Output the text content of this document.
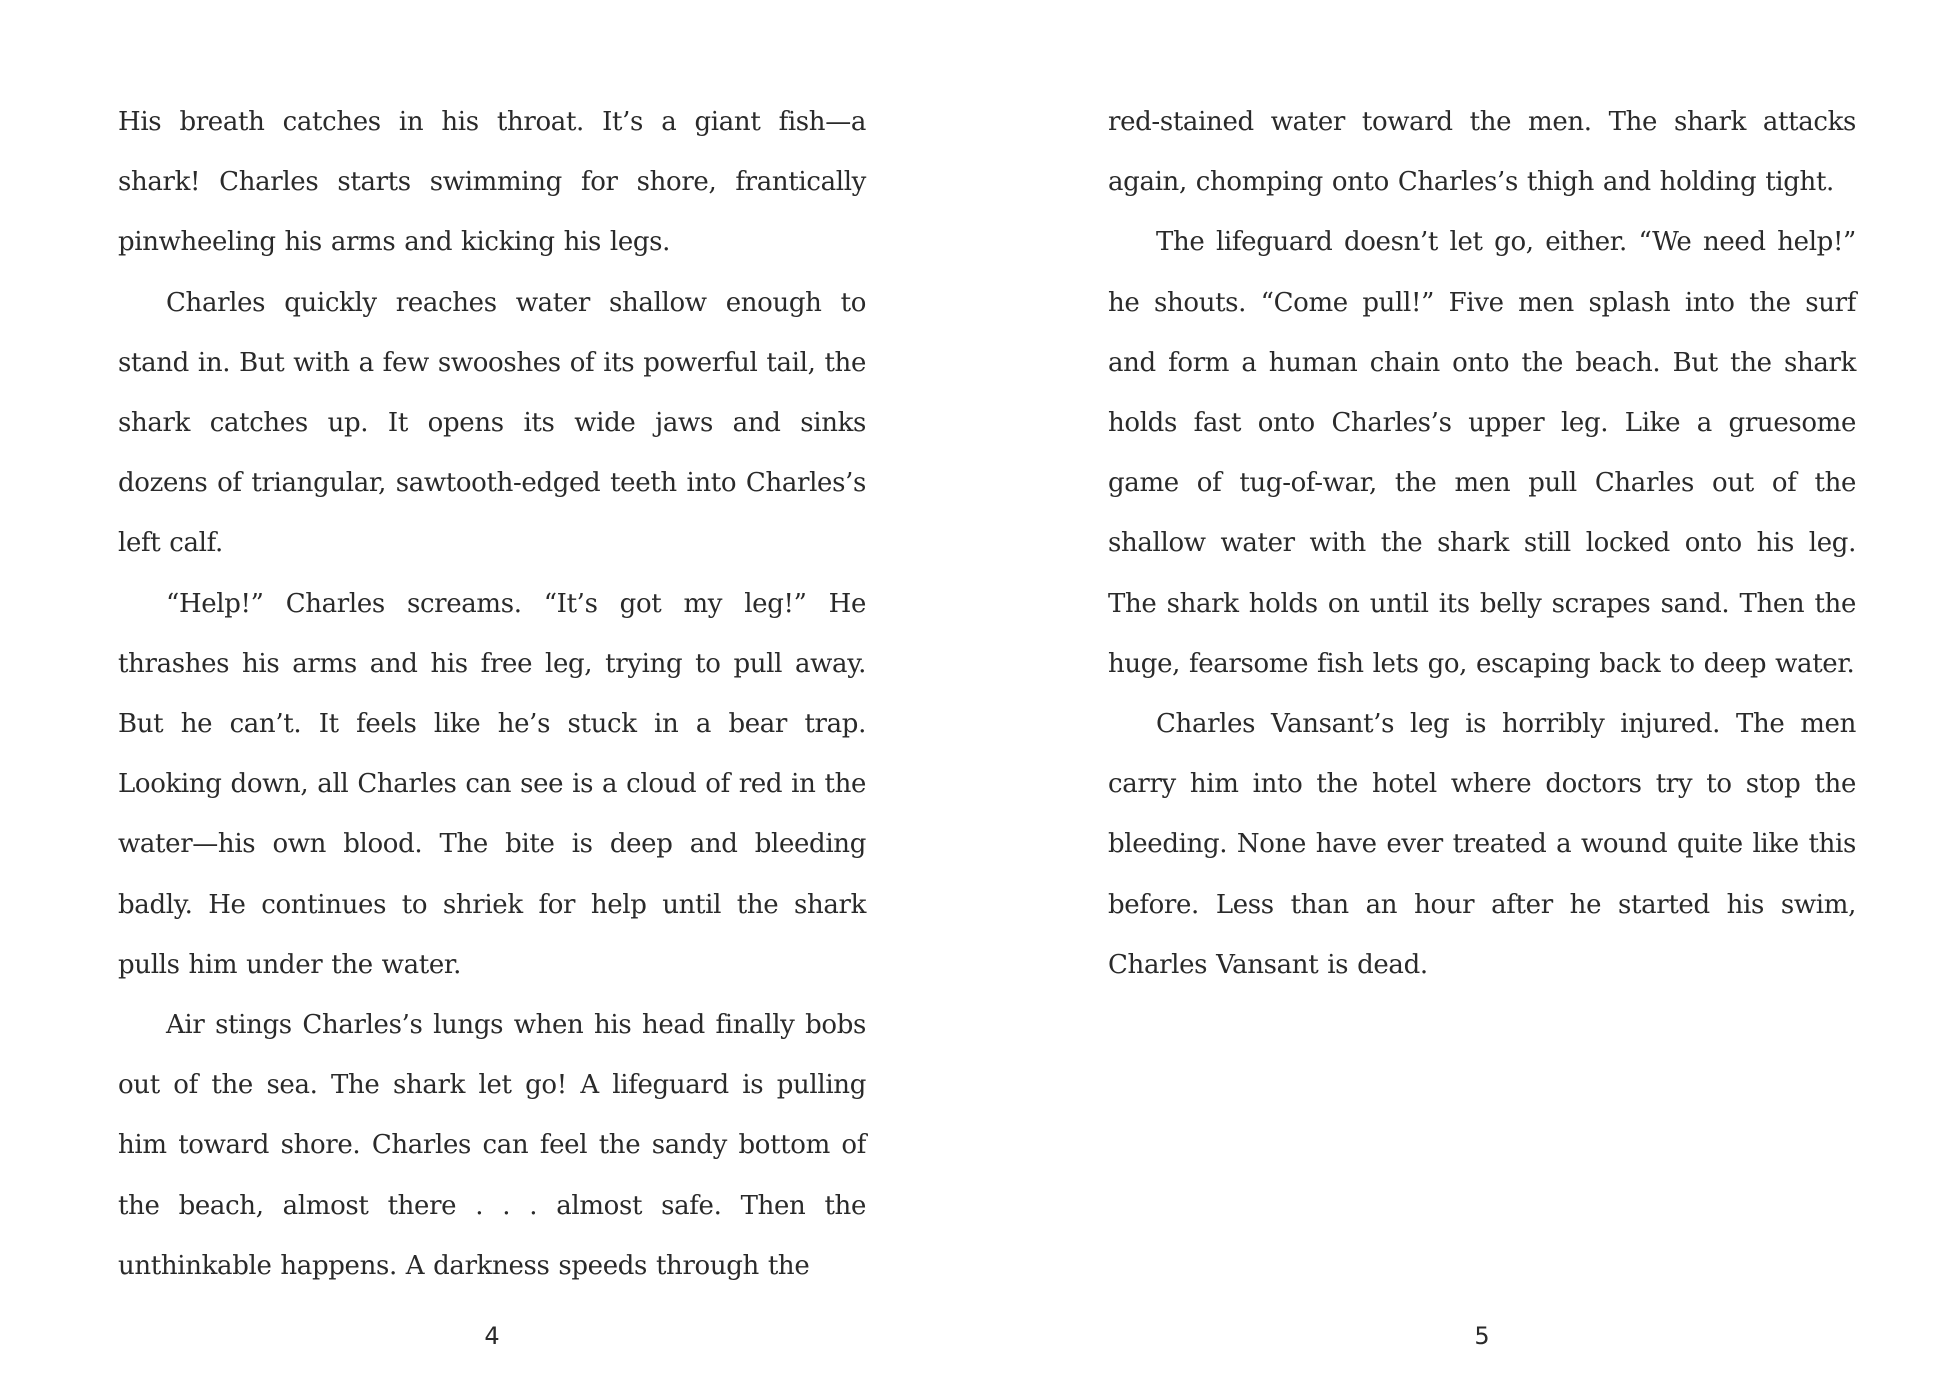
His breath catches in his throat. It’s a giant fish—a shark! Charles starts swimming for shore, frantically pinwheeling his arms and kicking his legs.

Charles quickly reaches water shallow enough to stand in. But with a few swooshes of its powerful tail, the shark catches up. It opens its wide jaws and sinks dozens of triangular, sawtooth-edged teeth into Charles’s left calf.

“Help!” Charles screams. “It’s got my leg!” He thrashes his arms and his free leg, trying to pull away. But he can’t. It feels like he’s stuck in a bear trap. Looking down, all Charles can see is a cloud of red in the water—his own blood. The bite is deep and bleeding badly. He continues to shriek for help until the shark pulls him under the water.

Air stings Charles’s lungs when his head finally bobs out of the sea. The shark let go! A lifeguard is pulling him toward shore. Charles can feel the sandy bottom of the beach, almost there . . . almost safe. Then the unthinkable happens. A darkness speeds through the

red-stained water toward the men. The shark attacks again, chomping onto Charles’s thigh and holding tight.

The lifeguard doesn’t let go, either. “We need help!” he shouts. “Come pull!” Five men splash into the surf and form a human chain onto the beach. But the shark holds fast onto Charles’s upper leg. Like a gruesome game of tug-of-war, the men pull Charles out of the shallow water with the shark still locked onto his leg. The shark holds on until its belly scrapes sand. Then the huge, fearsome fish lets go, escaping back to deep water.

Charles Vansant’s leg is horribly injured. The men carry him into the hotel where doctors try to stop the bleeding. None have ever treated a wound quite like this before. Less than an hour after he started his swim, Charles Vansant is dead.

4	5
